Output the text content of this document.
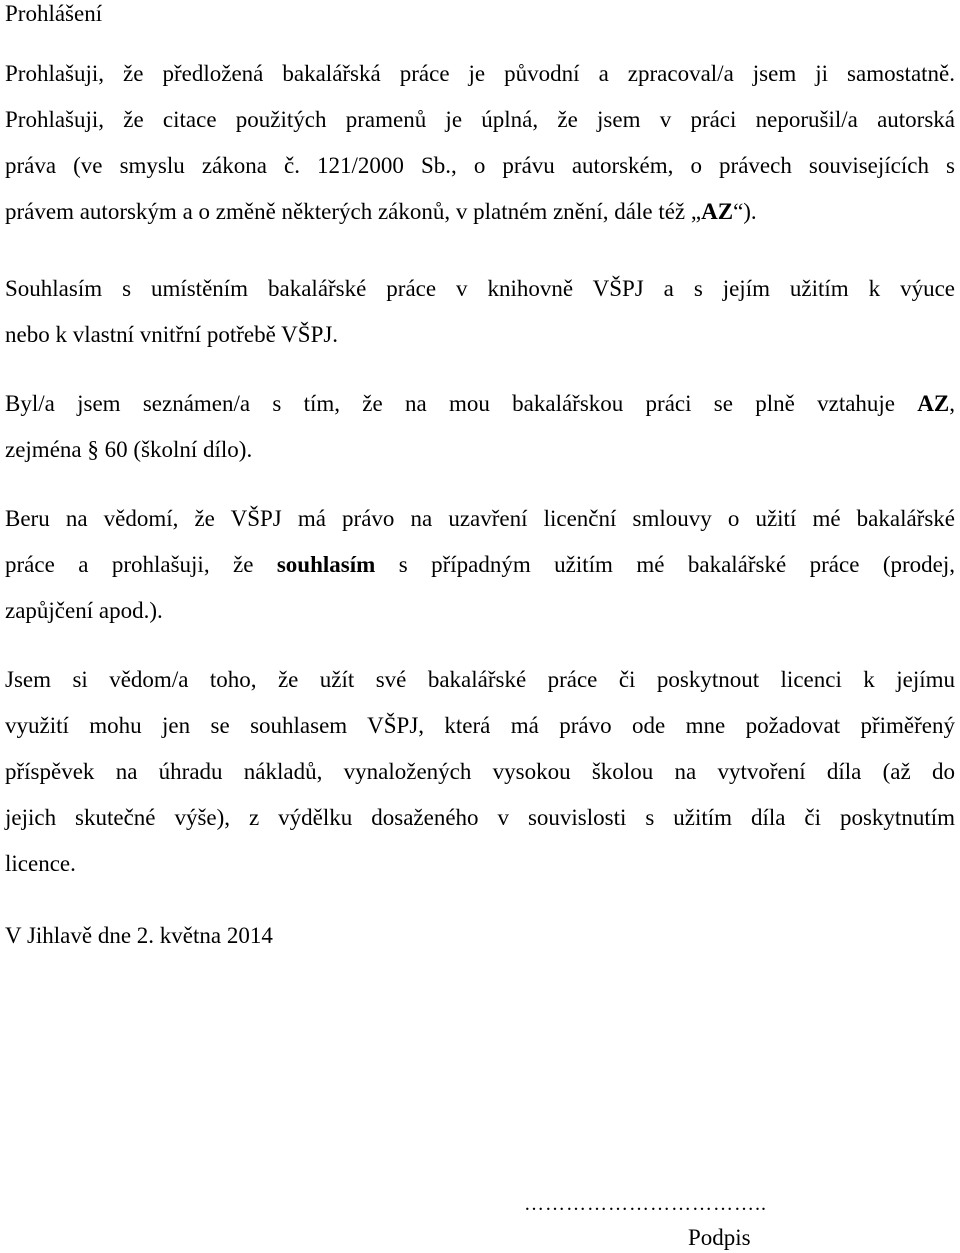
Prohlášení
Prohlašuji, že předložená bakalářská práce je původní a zpracoval/a jsem ji samostatně.
Prohlašuji, že citace použitých pramenů je úplná, že jsem v práci neporušil/a autorská
práva (ve smyslu zákona č. 121/2000 Sb., o právu autorském, o právech souvisejících s
právem autorským a o změně některých zákonů, v platném znění, dále též „AZ“).
Souhlasím s umístěním bakalářské práce v knihovně VŠPJ a s jejím užitím k výuce
nebo k vlastní vnitřní potřebě VŠPJ.
Byl/a jsem seznámen/a s tím, že na mou bakalářskou práci se plně vztahuje AZ,
zejména § 60 (školní dílo).
Beru na vědomí, že VŠPJ má právo na uzavření licenční smlouvy o užití mé bakalářské
práce a prohlašuji, že souhlasím s případným užitím mé bakalářské práce (prodej,
zapůjčení apod.).
Jsem si vědom/a toho, že užít své bakalářské práce či poskytnout licenci k jejímu
využití mohu jen se souhlasem VŠPJ, která má právo ode mne požadovat přiměřený
příspěvek na úhradu nákladů, vynaložených vysokou školou na vytvoření díla (až do
jejich skutečné výše), z výdělku dosaženého v souvislosti s užitím díla či poskytnutím
licence.
V Jihlavě dne 2. května 2014
……………………………..
Podpis
